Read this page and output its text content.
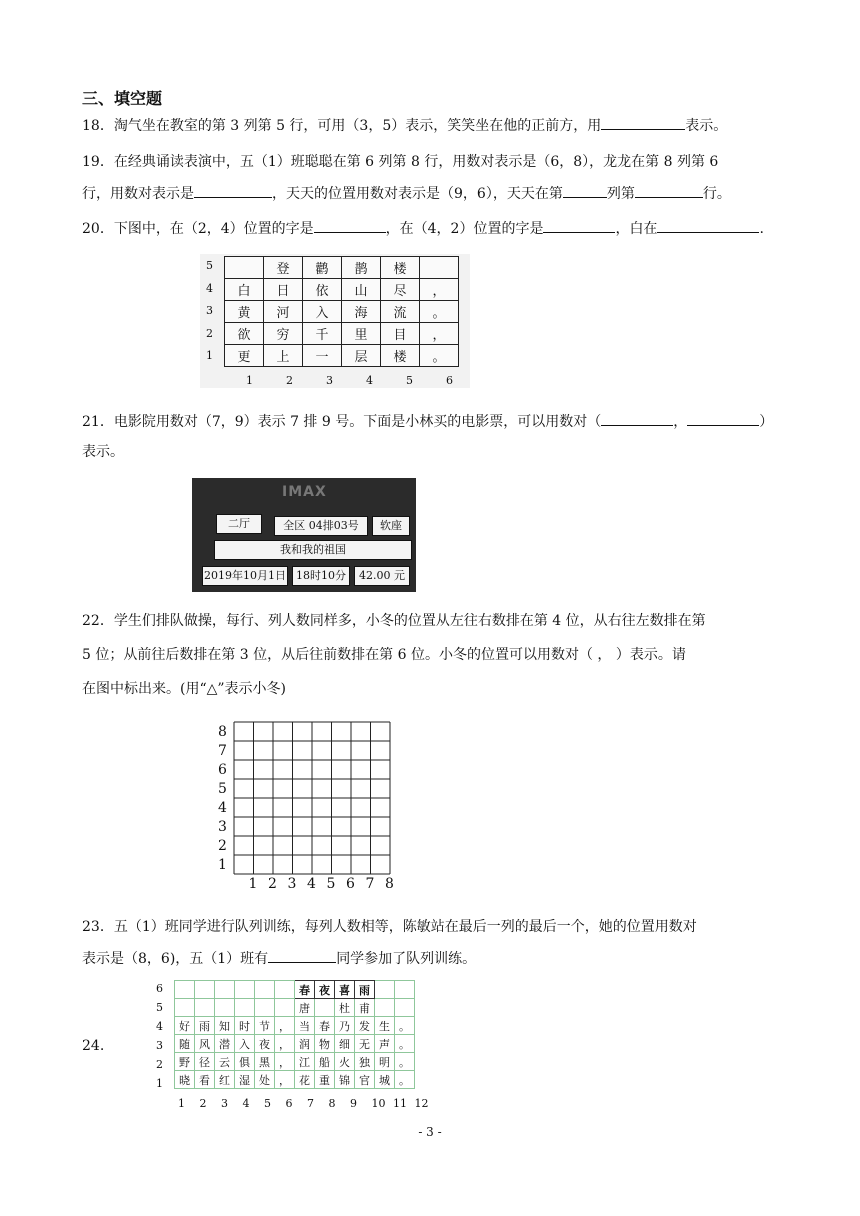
三、填空题
18．淘气坐在教室的第 3 列第 5 行，可用（3，5）表示，笑笑坐在他的正前方，用	表示。
19．在经典诵读表演中，五（1）班聪聪在第 6 列第 8 行，用数对表示是（6，8），龙龙在第 8 列第 6
行，用数对表示是	，天天的位置用数对表示是（9，6），天天在第	列第	行。
20．下图中，在（2，4）位置的字是	，在（4，2）位置的字是	，白在	.
	登	鹳	鹊	楼	
白	日	依	山	尽	，
黄	河	入	海	流	。
欲	穷	千	里	目	，
更	上	一	层	楼	。
5
4
3
2
1
1	2	3	4	5	6
21．电影院用数对（7，9）表示 7 排 9 号。下面是小林买的电影票，可以用数对（	，	）
表示。
IMAX
二厅	全区 04排03号	软座
我和我的祖国
2019年10月1日 18时10分	42.00 元
22．学生们排队做操，每行、列人数同样多，小冬的位置从左往右数排在第 4 位，从右往左数排在第
5 位；从前往后数排在第 3 位，从后往前数排在第 6 位。小冬的位置可以用数对（ ， ）表示。请
在图中标出来。(用“△”表示小冬)
8
7
6
5
4
3
2
1
1 2 3 4 5 6 7 8
23．五（1）班同学进行队列训练，每列人数相等，陈敏站在最后一列的最后一个，她的位置用数对
表示是（8，6)，五（1）班有	同学参加了队列训练。
24.
						春	夜	喜	雨		
						唐		杜	甫		
好	雨	知	时	节	，	当	春	乃	发	生	。
随	风	潜	入	夜	，	润	物	细	无	声	。
野	径	云	俱	黑	，	江	船	火	独	明	。
晓	看	红	湿	处	，	花	重	锦	官	城	。
6
5
4
3
2
1
1 2 3 4 5 6 7 8 9 10 11 12
- 3 -
